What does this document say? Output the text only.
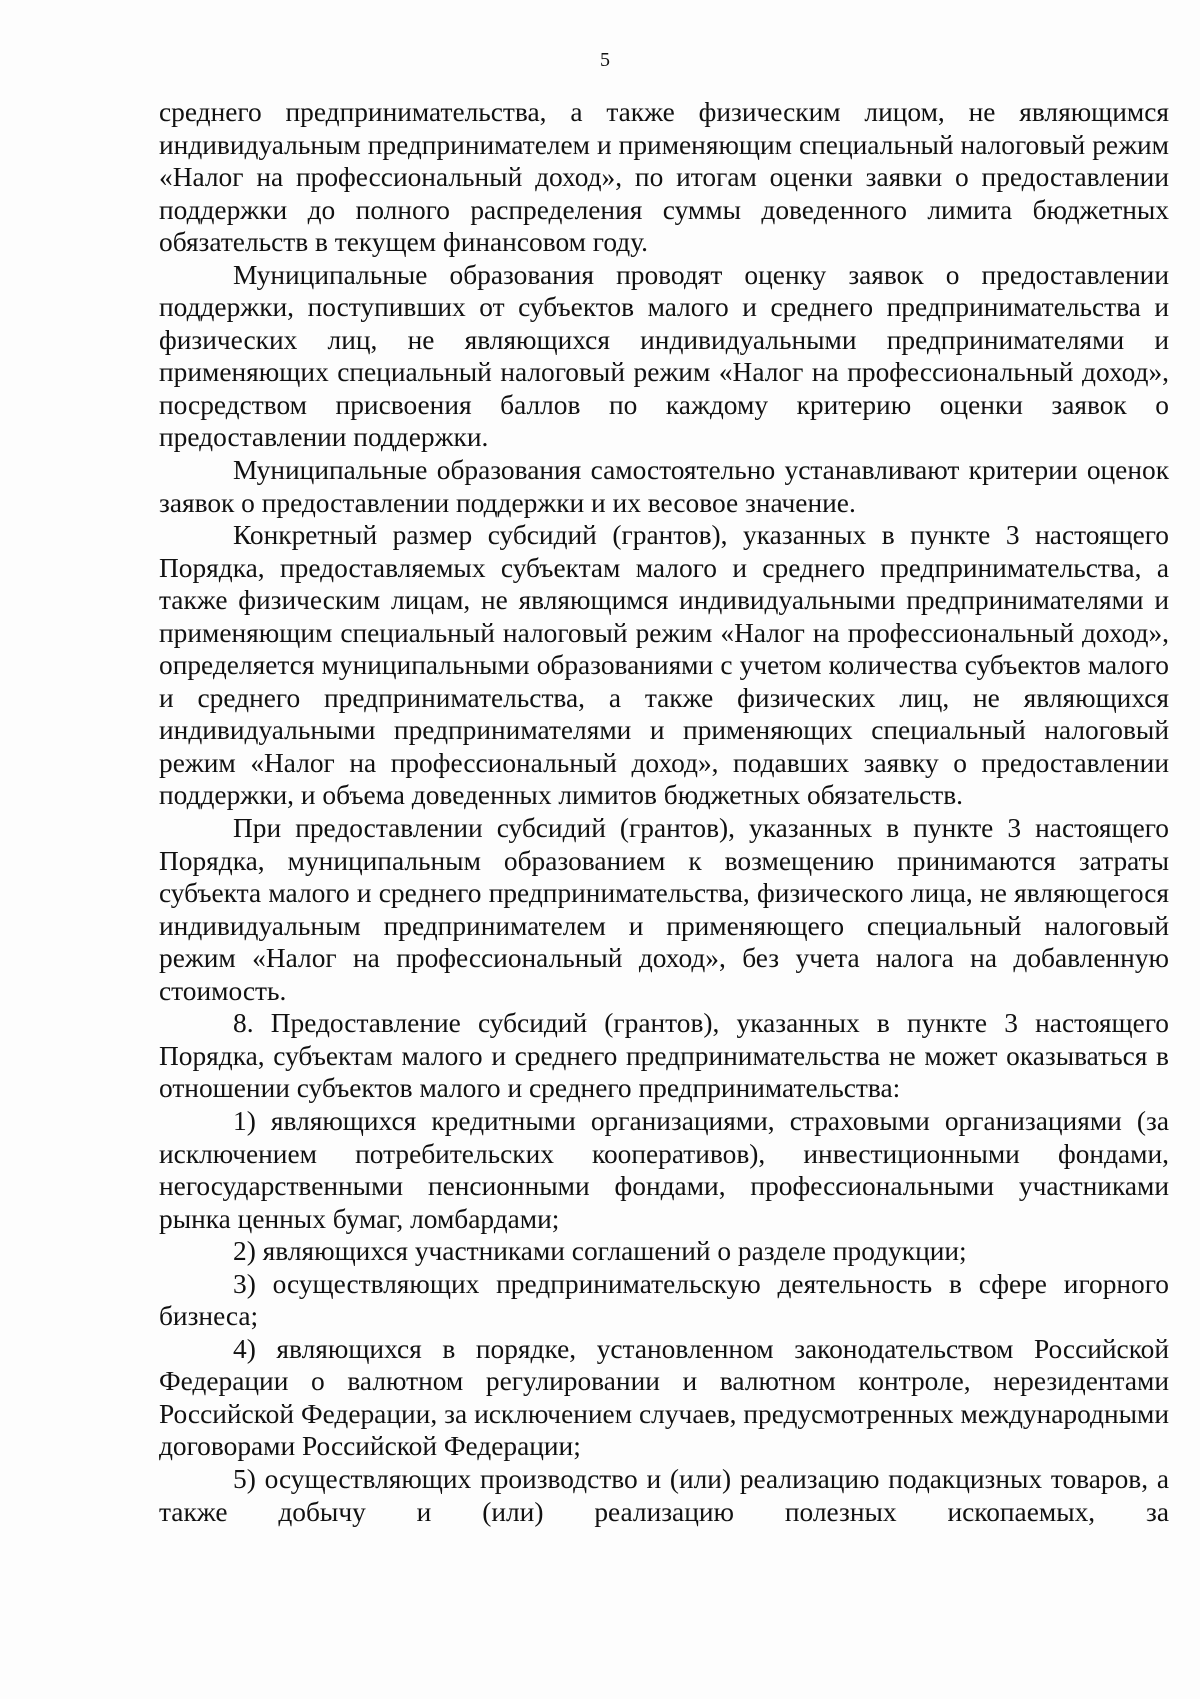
5

среднего предпринимательства, а также физическим лицом, не являющимся индивидуальным предпринимателем и применяющим специальный налоговый режим «Налог на профессиональный доход», по итогам оценки заявки о предоставлении поддержки до полного распределения суммы доведенного лимита бюджетных обязательств в текущем финансовом году.

Муниципальные образования проводят оценку заявок о предоставлении поддержки, поступивших от субъектов малого и среднего предпринимательства и физических лиц, не являющихся индивидуальными предпринимателями и применяющих специальный налоговый режим «Налог на профессиональный доход», посредством присвоения баллов по каждому критерию оценки заявок о предоставлении поддержки.

Муниципальные образования самостоятельно устанавливают критерии оценок заявок о предоставлении поддержки и их весовое значение.

Конкретный размер субсидий (грантов), указанных в пункте 3 настоящего Порядка, предоставляемых субъектам малого и среднего предпринимательства, а также физическим лицам, не являющимся индивидуальными предпринимателями и применяющим специальный налоговый режим «Налог на профессиональный доход», определяется муниципальными образованиями с учетом количества субъектов малого и среднего предпринимательства, а также физических лиц, не являющихся индивидуальными предпринимателями и применяющих специальный налоговый режим «Налог на профессиональный доход», подавших заявку о предоставлении поддержки, и объема доведенных лимитов бюджетных обязательств.

При предоставлении субсидий (грантов), указанных в пункте 3 настоящего Порядка, муниципальным образованием к возмещению принимаются затраты субъекта малого и среднего предпринимательства, физического лица, не являющегося индивидуальным предпринимателем и применяющего специальный налоговый режим «Налог на профессиональный доход», без учета налога на добавленную стоимость.

8. Предоставление субсидий (грантов), указанных в пункте 3 настоящего Порядка, субъектам малого и среднего предпринимательства не может оказываться в отношении субъектов малого и среднего предпринимательства:

1) являющихся кредитными организациями, страховыми организациями (за исключением потребительских кооперативов), инвестиционными фондами, негосударственными пенсионными фондами, профессиональными участниками рынка ценных бумаг, ломбардами;

2) являющихся участниками соглашений о разделе продукции;

3) осуществляющих предпринимательскую деятельность в сфере игорного бизнеса;

4) являющихся в порядке, установленном законодательством Российской Федерации о валютном регулировании и валютном контроле, нерезидентами Российской Федерации, за исключением случаев, предусмотренных международными договорами Российской Федерации;

5) осуществляющих производство и (или) реализацию подакцизных товаров, а также добычу и (или) реализацию полезных ископаемых, за
